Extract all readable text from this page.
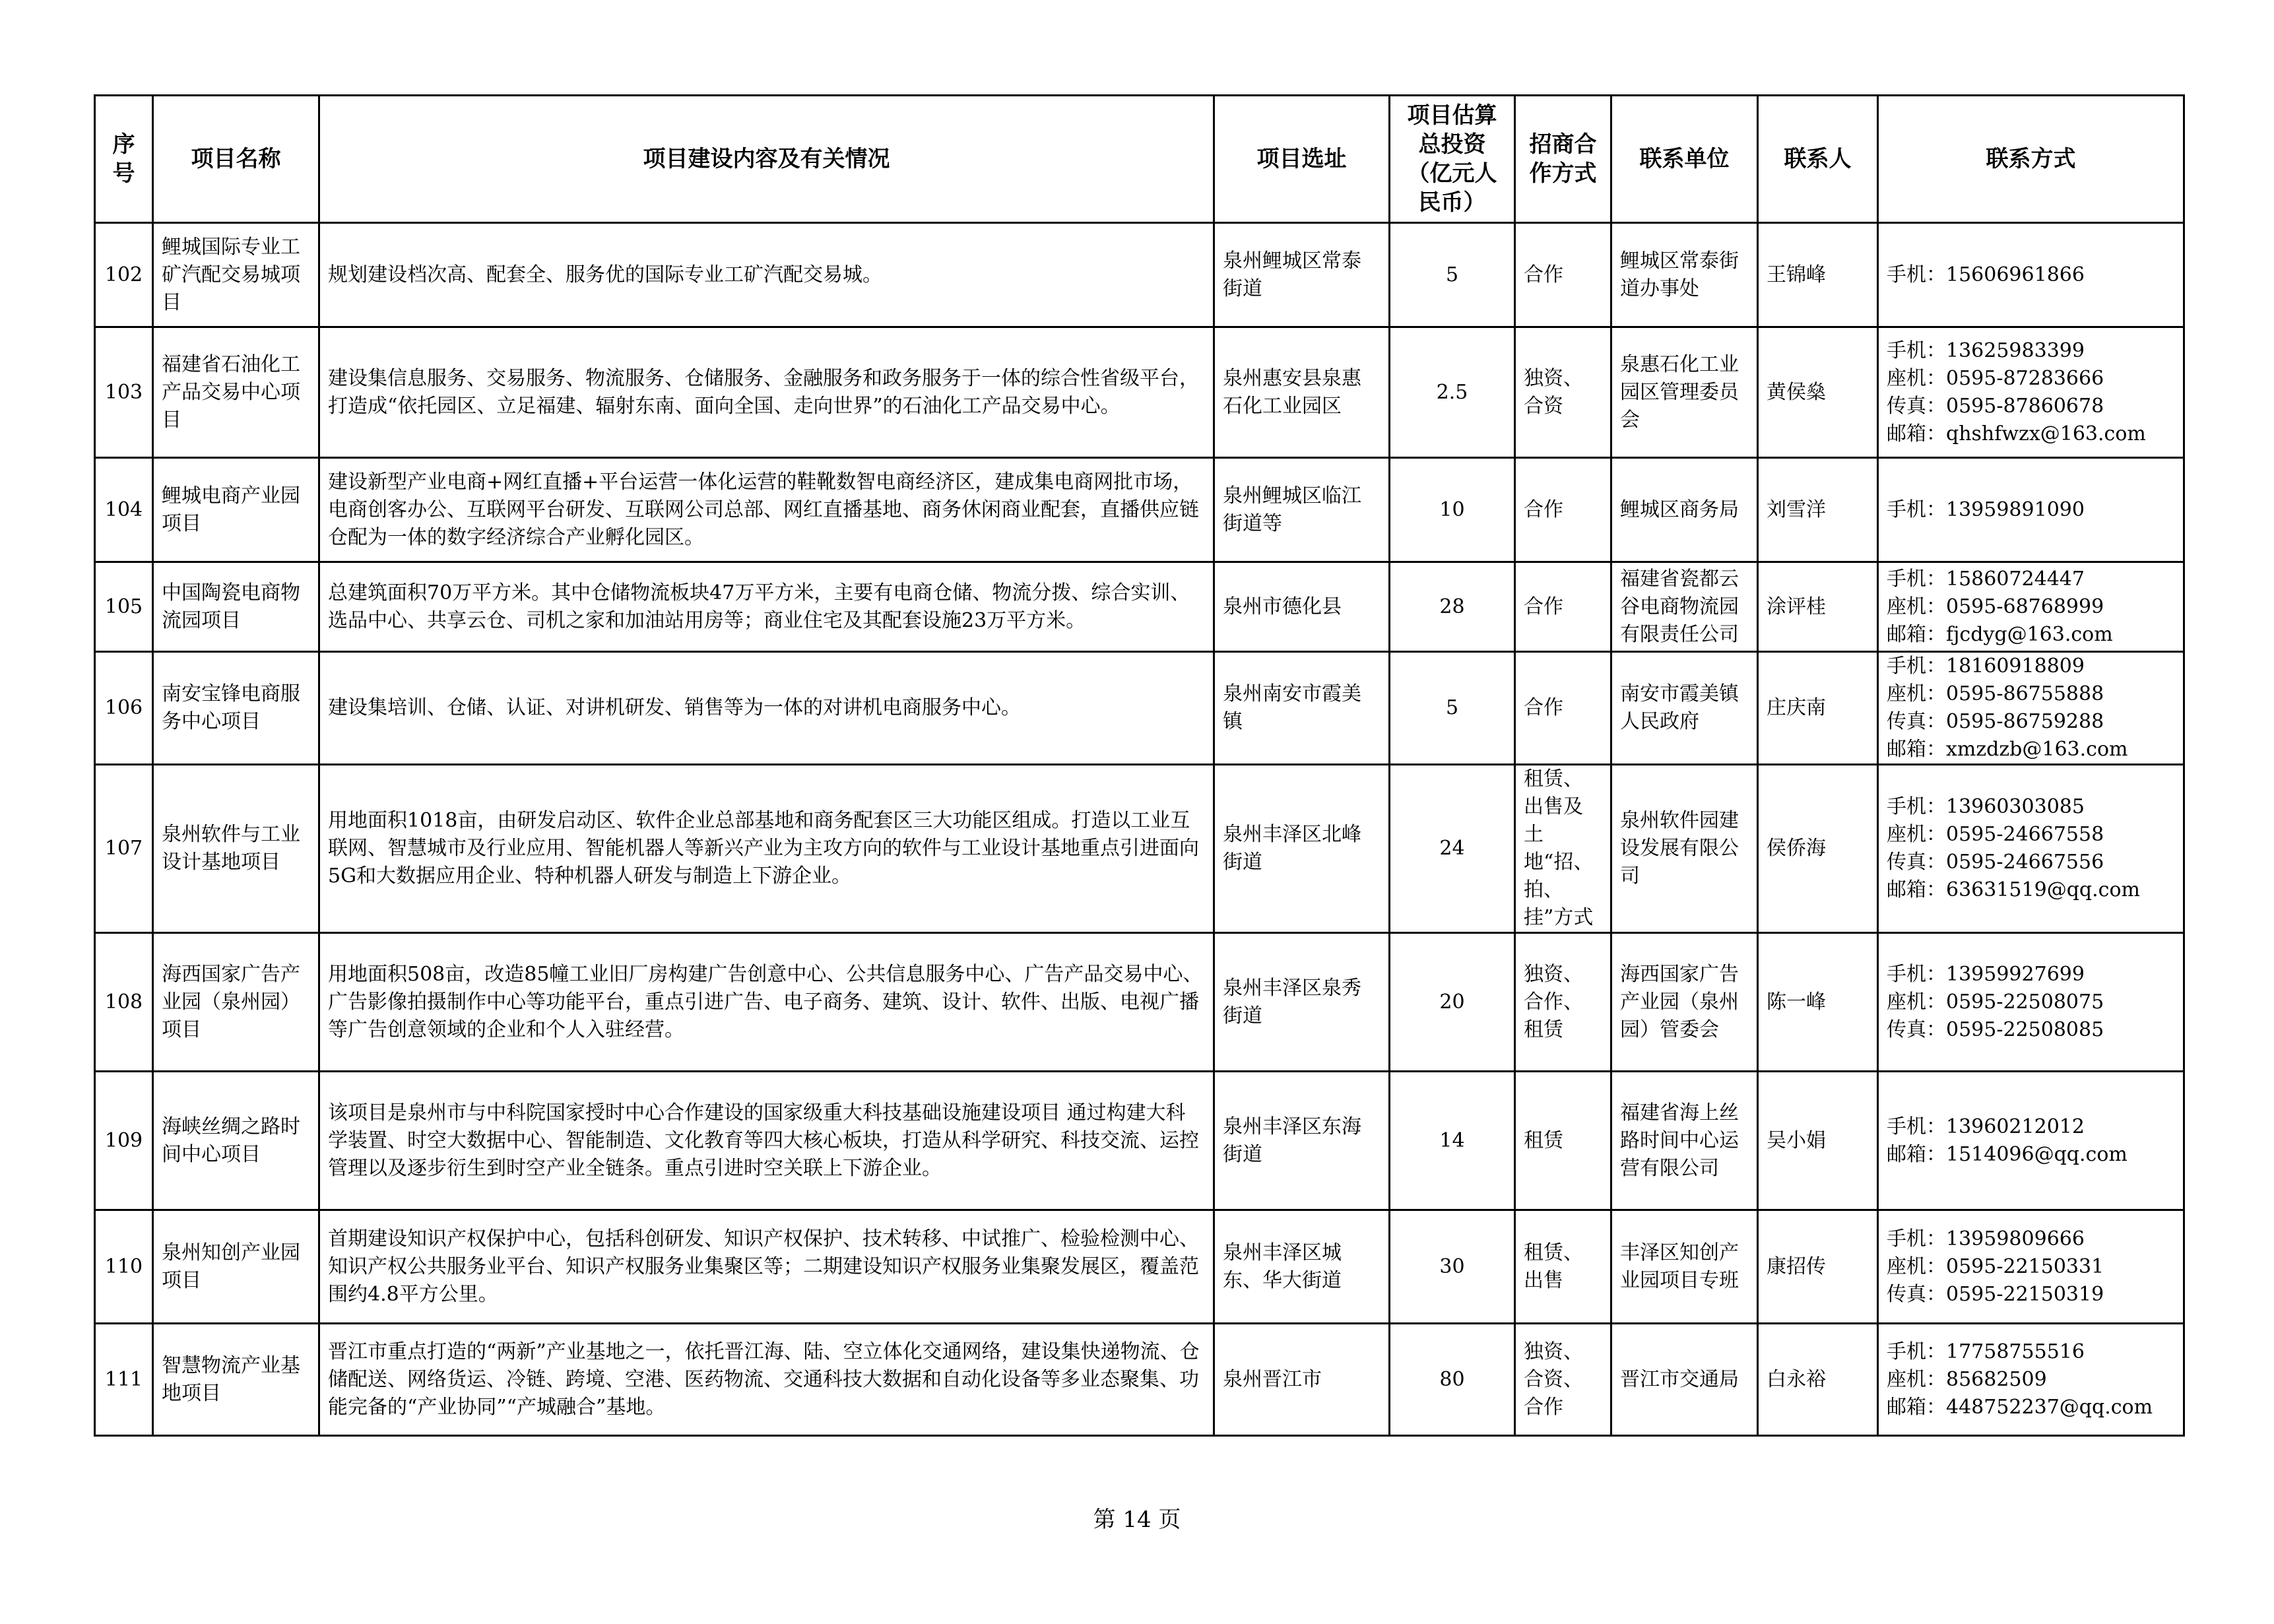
序号	项目名称	项目建设内容及有关情况	项目选址	项目估算总投资（亿元人民币）	招商合作方式	联系单位	联系人	联系方式
102	鲤城国际专业工矿汽配交易城项目	规划建设档次高、配套全、服务优的国际专业工矿汽配交易城。	泉州鲤城区常泰街道	5	合作	鲤城区常泰街道办事处	王锦峰	手机：15606961866

103	福建省石油化工产品交易中心项目	建设集信息服务、交易服务、物流服务、仓储服务、金融服务和政务服务于一体的综合性省级平台，打造成“依托园区、立足福建、辐射东南、面向全国、走向世界”的石油化工产品交易中心。	泉州惠安县泉惠石化工业园区	2.5	独资、合资	泉惠石化工业园区管理委员会	黄侯燊	手机：13625983399
座机：0595-87283666
传真：0595-87860678
邮箱：qhshfwzx@163.com

104	鲤城电商产业园项目	建设新型产业电商+网红直播+平台运营一体化运营的鞋靴数智电商经济区，建成集电商网批市场，电商创客办公、互联网平台研发、互联网公司总部、网红直播基地、商务休闲商业配套，直播供应链仓配为一体的数字经济综合产业孵化园区。	泉州鲤城区临江街道等	10	合作	鲤城区商务局	刘雪洋	手机：13959891090

105	中国陶瓷电商物流园项目	总建筑面积70万平方米。其中仓储物流板块47万平方米，主要有电商仓储、物流分拨、综合实训、选品中心、共享云仓、司机之家和加油站用房等；商业住宅及其配套设施23万平方米。	泉州市德化县	28	合作	福建省瓷都云谷电商物流园有限责任公司	涂评桂	手机：15860724447
座机：0595-68768999
邮箱：fjcdyg@163.com

106	南安宝锋电商服务中心项目	建设集培训、仓储、认证、对讲机研发、销售等为一体的对讲机电商服务中心。	泉州南安市霞美镇	5	合作	南安市霞美镇人民政府	庄庆南	手机：18160918809
座机：0595-86755888
传真：0595-86759288
邮箱：xmzdzb@163.com

107	泉州软件与工业设计基地项目	用地面积1018亩，由研发启动区、软件企业总部基地和商务配套区三大功能区组成。打造以工业互联网、智慧城市及行业应用、智能机器人等新兴产业为主攻方向的软件与工业设计基地重点引进面向5G和大数据应用企业、特种机器人研发与制造上下游企业。	泉州丰泽区北峰街道	24	租赁、出售及土地“招、拍、挂”方式	泉州软件园建设发展有限公司	侯侨海	手机：13960303085
座机：0595-24667558
传真：0595-24667556
邮箱：63631519@qq.com

108	海西国家广告产业园（泉州园）项目	用地面积508亩，改造85幢工业旧厂房构建广告创意中心、公共信息服务中心、广告产品交易中心、广告影像拍摄制作中心等功能平台，重点引进广告、电子商务、建筑、设计、软件、出版、电视广播等广告创意领域的企业和个人入驻经营。	泉州丰泽区泉秀街道	20	独资、合作、租赁	海西国家广告产业园（泉州园）管委会	陈一峰	手机：13959927699
座机：0595-22508075
传真：0595-22508085

109	海峡丝绸之路时间中心项目	该项目是泉州市与中科院国家授时中心合作建设的国家级重大科技基础设施建设项目 通过构建大科学装置、时空大数据中心、智能制造、文化教育等四大核心板块，打造从科学研究、科技交流、运控管理以及逐步衍生到时空产业全链条。重点引进时空关联上下游企业。	泉州丰泽区东海街道	14	租赁	福建省海上丝路时间中心运营有限公司	吴小娟	手机：13960212012
邮箱：1514096@qq.com

110	泉州知创产业园项目	首期建设知识产权保护中心，包括科创研发、知识产权保护、技术转移、中试推广、检验检测中心、知识产权公共服务业平台、知识产权服务业集聚区等；二期建设知识产权服务业集聚发展区，覆盖范围约4.8平方公里。	泉州丰泽区城东、华大街道	30	租赁、出售	丰泽区知创产业园项目专班	康招传	手机：13959809666
座机：0595-22150331
传真：0595-22150319

111	智慧物流产业基地项目	晋江市重点打造的“两新”产业基地之一，依托晋江海、陆、空立体化交通网络，建设集快递物流、仓储配送、网络货运、冷链、跨境、空港、医药物流、交通科技大数据和自动化设备等多业态聚集、功能完备的“产业协同”“产城融合”基地。	泉州晋江市	80	独资、合资、合作	晋江市交通局	白永裕	手机：17758755516
座机：85682509
邮箱：448752237@qq.com
第 14 页
